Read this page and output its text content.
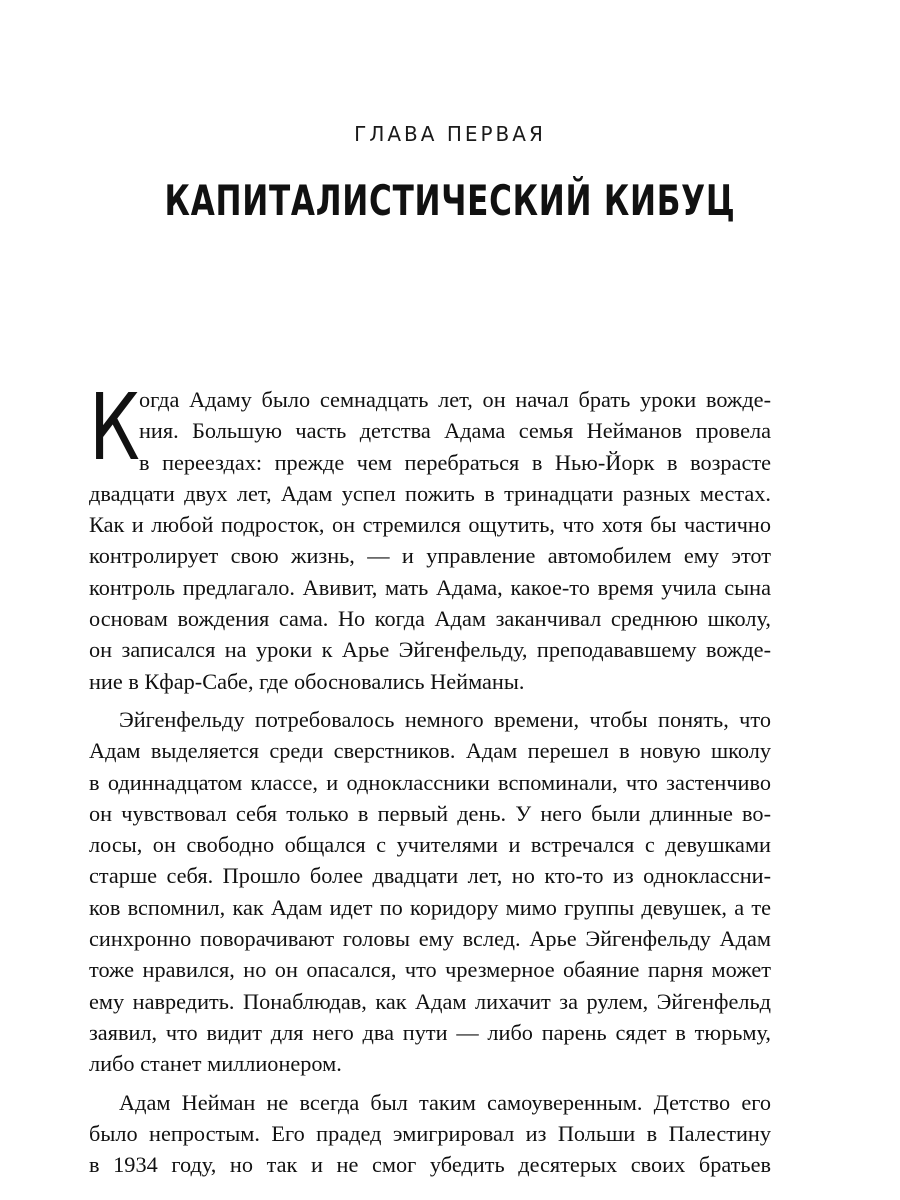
ГЛАВА ПЕРВАЯ
КАПИТАЛИСТИЧЕСКИЙ КИБУЦ
К огда Адаму было семнадцать лет, он начал брать уроки вожде-
ния. Большую часть детства Адама семья Нейманов провела
в переездах: прежде чем перебраться в Нью-Йорк в возрасте
двадцати двух лет, Адам успел пожить в тринадцати разных местах.
Как и любой подросток, он стремился ощутить, что хотя бы частично
контролирует свою жизнь, — и управление автомобилем ему этот
контроль предлагало. Авивит, мать Адама, какое-то время учила сына
основам вождения сама. Но когда Адам заканчивал среднюю школу,
он записался на уроки к Арье Эйгенфельду, преподававшему вожде-
ние в Кфар-Сабе, где обосновались Нейманы.
Эйгенфельду потребовалось немного времени, чтобы понять, что
Адам выделяется среди сверстников. Адам перешел в новую школу
в одиннадцатом классе, и одноклассники вспоминали, что застенчиво
он чувствовал себя только в первый день. У него были длинные во-
лосы, он свободно общался с учителями и встречался с девушками
старше себя. Прошло более двадцати лет, но кто-то из одноклассни-
ков вспомнил, как Адам идет по коридору мимо группы девушек, а те
синхронно поворачивают головы ему вслед. Арье Эйгенфельду Адам
тоже нравился, но он опасался, что чрезмерное обаяние парня может
ему навредить. Понаблюдав, как Адам лихачит за рулем, Эйгенфельд
заявил, что видит для него два пути — либо парень сядет в тюрьму,
либо станет миллионером.
Адам Нейман не всегда был таким самоуверенным. Детство его
было непростым. Его прадед эмигрировал из Польши в Палестину
в 1934 году, но так и не смог убедить десятерых своих братьев
